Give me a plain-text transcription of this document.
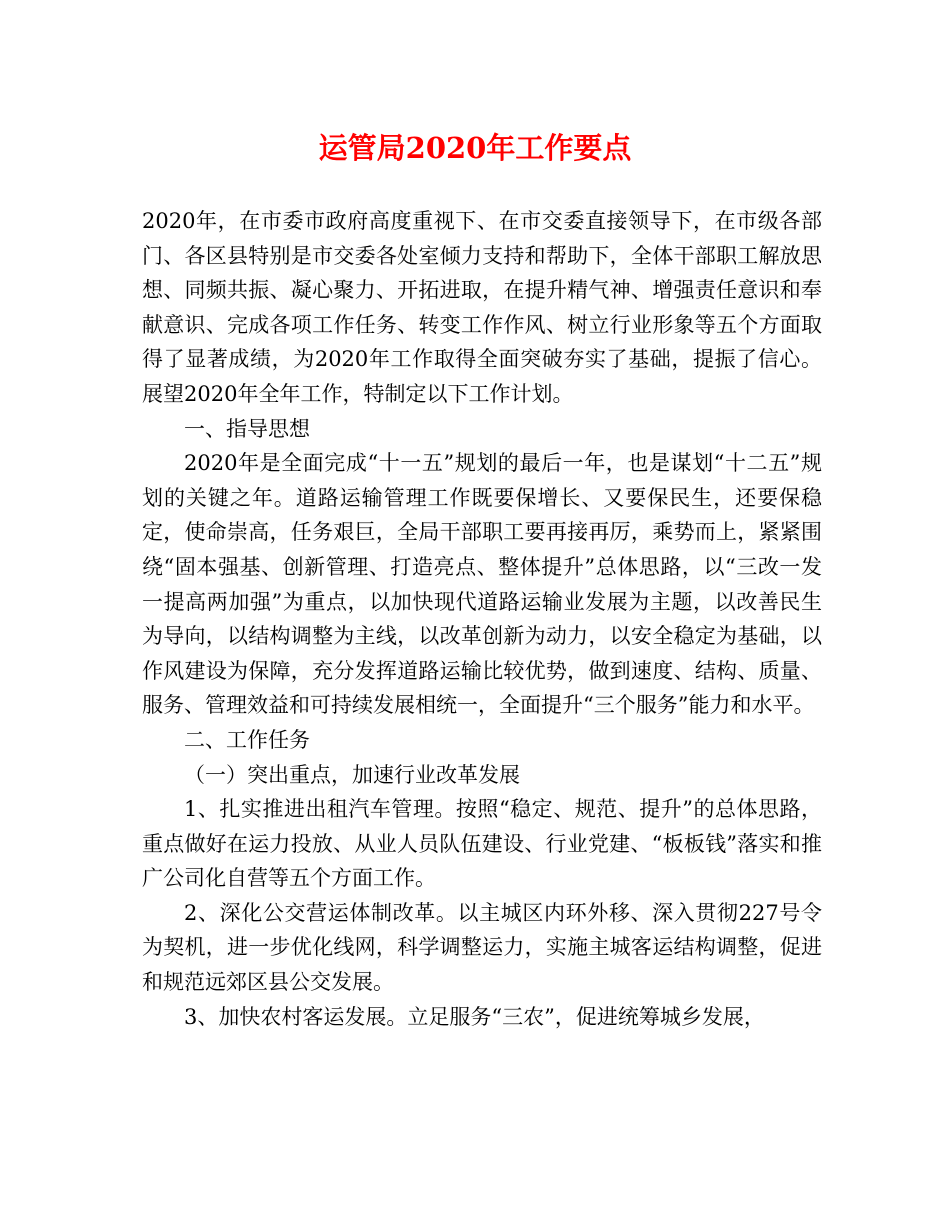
运管局2020年工作要点

2020年，在市委市政府高度重视下、在市交委直接领导下，在市级各部门、各区县特别是市交委各处室倾力支持和帮助下，全体干部职工解放思想、同频共振、凝心聚力、开拓进取，在提升精气神、增强责任意识和奉献意识、完成各项工作任务、转变工作作风、树立行业形象等五个方面取得了显著成绩，为2020年工作取得全面突破夯实了基础，提振了信心。展望2020年全年工作，特制定以下工作计划。

一、指导思想

2020年是全面完成“十一五”规划的最后一年，也是谋划“十二五”规划的关键之年。道路运输管理工作既要保增长、又要保民生，还要保稳定，使命崇高，任务艰巨，全局干部职工要再接再厉，乘势而上，紧紧围绕“固本强基、创新管理、打造亮点、整体提升”总体思路，以“三改一发一提高两加强”为重点，以加快现代道路运输业发展为主题，以改善民生为导向，以结构调整为主线，以改革创新为动力，以安全稳定为基础，以作风建设为保障，充分发挥道路运输比较优势，做到速度、结构、质量、服务、管理效益和可持续发展相统一，全面提升“三个服务”能力和水平。

二、工作任务

（一）突出重点，加速行业改革发展

1、扎实推进出租汽车管理。按照“稳定、规范、提升”的总体思路，重点做好在运力投放、从业人员队伍建设、行业党建、“板板钱”落实和推广公司化自营等五个方面工作。

2、深化公交营运体制改革。以主城区内环外移、深入贯彻227号令为契机，进一步优化线网，科学调整运力，实施主城客运结构调整，促进和规范远郊区县公交发展。

3、加快农村客运发展。立足服务“三农”，促进统筹城乡发展，
